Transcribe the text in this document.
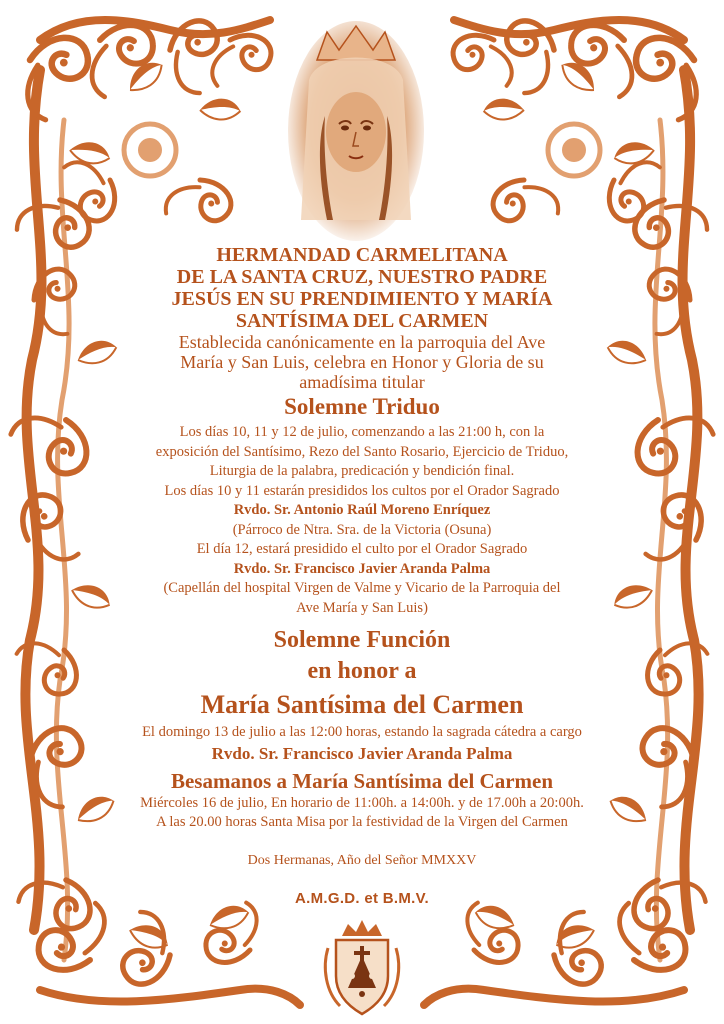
HERMANDAD CARMELITANA

DE LA SANTA CRUZ, NUESTRO PADRE

JESÚS EN SU PRENDIMIENTO Y MARÍA

SANTÍSIMA DEL CARMEN

Establecida canónicamente en la parroquia del Ave

María y San Luis, celebra en Honor y Gloria de su

amadísima titular

Solemne Triduo

Los días 10, 11 y 12 de julio, comenzando a las 21:00 h, con la

exposición del Santísimo, Rezo del Santo Rosario, Ejercicio de Triduo,

Liturgia de la palabra, predicación y bendición final.

Los días 10 y 11 estarán presididos los cultos por el Orador Sagrado

Rvdo. Sr. Antonio Raúl Moreno Enríquez

(Párroco de Ntra. Sra. de la Victoria (Osuna)

El día 12, estará presidido el culto por el Orador Sagrado

Rvdo. Sr. Francisco Javier Aranda Palma

(Capellán del hospital Virgen de Valme y Vicario de la Parroquia del

Ave María y San Luis)

Solemne Función

en honor a

María Santísima del Carmen

El domingo 13 de julio a las 12:00 horas, estando la sagrada cátedra a cargo

Rvdo. Sr. Francisco Javier Aranda Palma

Besamanos a María Santísima del Carmen

Miércoles 16 de julio, En horario de 11:00h. a 14:00h. y de 17.00h a 20:00h.

A las 20.00 horas Santa Misa por la festividad de la Virgen del Carmen

Dos Hermanas, Año del Señor MMXXV

A.M.G.D. et B.M.V.
